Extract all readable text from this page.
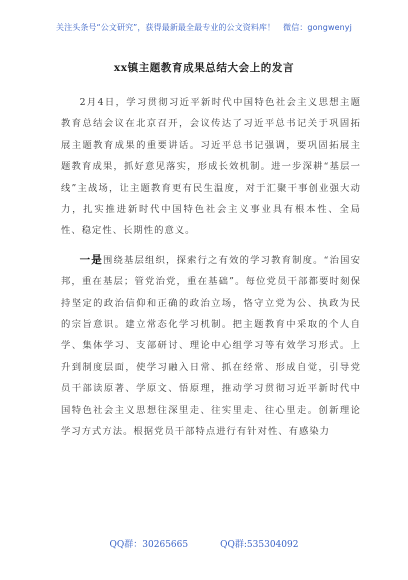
关注头条号“公文研究”，获得最新最全最专业的公文资料库！ 微信：gongwenyj
xx镇主题教育成果总结大会上的发言

2月4日，学习贯彻习近平新时代中国特色社会主义思想主题教育总结会议在北京召开，会议传达了习近平总书记关于巩固拓展主题教育成果的重要讲话。习近平总书记强调，要巩固拓展主题教育成果，抓好意见落实，形成长效机制。进一步深耕“基层一线”主战场，让主题教育更有民生温度，对于汇聚干事创业强大动力，扎实推进新时代中国特色社会主义事业具有根本性、全局性、稳定性、长期性的意义。

一是围绕基层组织，探索行之有效的学习教育制度。“治国安邦，重在基层；管党治党，重在基础”。每位党员干部都要时刻保持坚定的政治信仰和正确的政治立场，恪守立党为公、执政为民的宗旨意识。建立常态化学习机制。把主题教育中采取的个人自学、集体学习、支部研讨、理论中心组学习等有效学习形式。上升到制度层面，使学习融入日常、抓在经常、形成自觉，引导党员干部读原著、学原文、悟原理，推动学习贯彻习近平新时代中国特色社会主义思想往深里走、往实里走、往心里走。创新理论学习方式方法。根据党员干部特点进行有针对性、有感染力

QQ群：30265665	QQ群:535304092
